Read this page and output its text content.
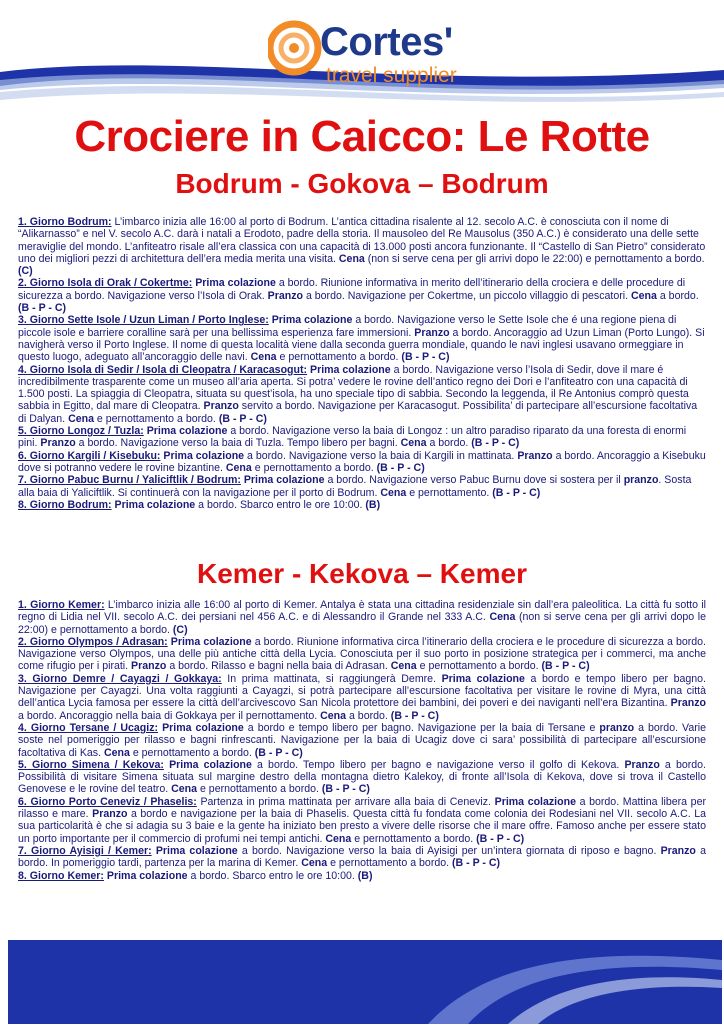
Cortes'
travel supplier
Crociere in Caicco: Le Rotte
Bodrum - Gokova – Bodrum
1. Giorno Bodrum: L’imbarco inizia alle 16:00 al porto di Bodrum. L’antica cittadina risalente al 12. secolo A.C. è conosciuta con il nome di “Alikarnasso” e nel V. secolo A.C. darà i natali a Erodoto, padre della storia. Il mausoleo del Re Mausolus (350 A.C.) è considerato una delle sette meraviglie del mondo. L’anfiteatro risale all’era classica con una capacità di 13.000 posti ancora funzionante. Il “Castello di San Pietro” considerato uno dei migliori pezzi di architettura dell’era media merita una visita. Cena (non si serve cena per gli arrivi dopo le 22:00) e pernottamento a bordo. (C)
2. Giorno Isola di Orak / Cokertme: Prima colazione a bordo. Riunione informativa in merito dell’itinerario della crociera e delle procedure di sicurezza a bordo. Navigazione verso l’Isola di Orak. Pranzo a bordo. Navigazione per Cokertme, un piccolo villaggio di pescatori. Cena a bordo. (B - P - C)
3. Giorno Sette Isole / Uzun Liman / Porto Inglese: Prima colazione a bordo. Navigazione verso le Sette Isole che é una regione piena di piccole isole e barriere coralline sarà per una bellissima esperienza fare immersioni. Pranzo a bordo. Ancoraggio ad Uzun Liman (Porto Lungo). Si navigherà verso il Porto Inglese. Il nome di questa località viene dalla seconda guerra mondiale, quando le navi inglesi usavano ormeggiare in questo luogo, adeguato all’ancoraggio delle navi. Cena e pernottamento a bordo. (B - P - C)
4. Giorno Isola di Sedir / Isola di Cleopatra / Karacasogut: Prima colazione a bordo. Navigazione verso l’Isola di Sedir, dove il mare é incredibilmente trasparente come un museo all’aria aperta. Si potra’ vedere le rovine dell’antico regno dei Dori e l’anfiteatro con una capacità di 1.500 posti. La spiaggia di Cleopatra, situata su quest’isola, ha uno speciale tipo di sabbia. Secondo la leggenda, il Re Antonius comprò questa sabbia in Egitto, dal mare di Cleopatra. Pranzo servito a bordo. Navigazione per Karacasogut. Possibilita’ di partecipare all’escursione facoltativa di Dalyan. Cena e pernottamento a bordo. (B - P - C)
5. Giorno Longoz / Tuzla: Prima colazione a bordo. Navigazione verso la baia di Longoz : un altro paradiso riparato da una foresta di enormi pini. Pranzo a bordo. Navigazione verso la baia di Tuzla. Tempo libero per bagni. Cena a bordo. (B - P - C)
6. Giorno Kargili / Kisebuku: Prima colazione a bordo. Navigazione verso la baia di Kargili in mattinata. Pranzo a bordo. Ancoraggio a Kisebuku dove si potranno vedere le rovine bizantine. Cena e pernottamento a bordo. (B - P - C)
7. Giorno Pabuc Burnu / Yaliciftlik / Bodrum: Prima colazione a bordo. Navigazione verso Pabuc Burnu dove si sostera per il pranzo. Sosta alla baia di Yaliciftlik. Si continuerà con la navigazione per il porto di Bodrum. Cena e pernottamento. (B - P - C)
8. Giorno Bodrum: Prima colazione a bordo. Sbarco entro le ore 10:00. (B)
Kemer - Kekova – Kemer
1. Giorno Kemer: L’imbarco inizia alle 16:00 al porto di Kemer. Antalya è stata una cittadina residenziale sin dall’era paleolitica. La città fu sotto il regno di Lidia nel VII. secolo A.C. dei persiani nel 456 A.C. e di Alessandro il Grande nel 333 A.C. Cena (non si serve cena per gli arrivi dopo le 22:00) e pernottamento a bordo. (C)
2. Giorno Olympos / Adrasan: Prima colazione a bordo. Riunione informativa circa l’itinerario della crociera e le procedure di sicurezza a bordo. Navigazione verso Olympos, una delle più antiche città della Lycia. Conosciuta per il suo porto in posizione strategica per i commerci, ma anche come rifugio per i pirati. Pranzo a bordo. Rilasso e bagni nella baia di Adrasan. Cena e pernottamento a bordo. (B - P - C)
3. Giorno Demre / Cayagzi / Gokkaya: In prima mattinata, si raggiungerà Demre. Prima colazione a bordo e tempo libero per bagno. Navigazione per Cayagzi. Una volta raggiunti a Cayagzi, si potrà partecipare all’escursione facoltativa per visitare le rovine di Myra, una città dell’antica Lycia famosa per essere la città dell’arcivescovo San Nicola protettore dei bambini, dei poveri e dei naviganti nell’era Bizantina. Pranzo a bordo. Ancoraggio nella baia di Gokkaya per il pernottamento. Cena a bordo. (B - P - C)
4. Giorno Tersane / Ucagiz: Prima colazione a bordo e tempo libero per bagno. Navigazione per la baia di Tersane e pranzo a bordo. Varie soste nel pomeriggio per rilasso e bagni rinfrescanti. Navigazione per la baia di Ucagiz dove ci sara’ possibilità di partecipare all’escursione facoltativa di Kas. Cena e pernottamento a bordo. (B - P - C)
5. Giorno Simena / Kekova: Prima colazione a bordo. Tempo libero per bagno e navigazione verso il golfo di Kekova. Pranzo a bordo. Possibilità di visitare Simena situata sul margine destro della montagna dietro Kalekoy, di fronte all’Isola di Kekova, dove si trova il Castello Genovese e le rovine del teatro. Cena e pernottamento a bordo. (B - P - C)
6. Giorno Porto Ceneviz / Phaselis: Partenza in prima mattinata per arrivare alla baia di Ceneviz. Prima colazione a bordo. Mattina libera per rilasso e mare. Pranzo a bordo e navigazione per la baia di Phaselis. Questa città fu fondata come colonia dei Rodesiani nel VII. secolo A.C. La sua particolarità è che si adagia su 3 baie e la gente ha iniziato ben presto a vivere delle risorse che il mare offre. Famoso anche per essere stato un porto importante per il commercio di profumi nei tempi antichi. Cena e pernottamento a bordo. (B - P - C)
7. Giorno Ayisigi / Kemer: Prima colazione a bordo. Navigazione verso la baia di Ayisigi per un’intera giornata di riposo e bagno. Pranzo a bordo. In pomeriggio tardi, partenza per la marina di Kemer. Cena e pernottamento a bordo. (B - P - C)
8. Giorno Kemer: Prima colazione a bordo. Sbarco entro le ore 10:00. (B)
